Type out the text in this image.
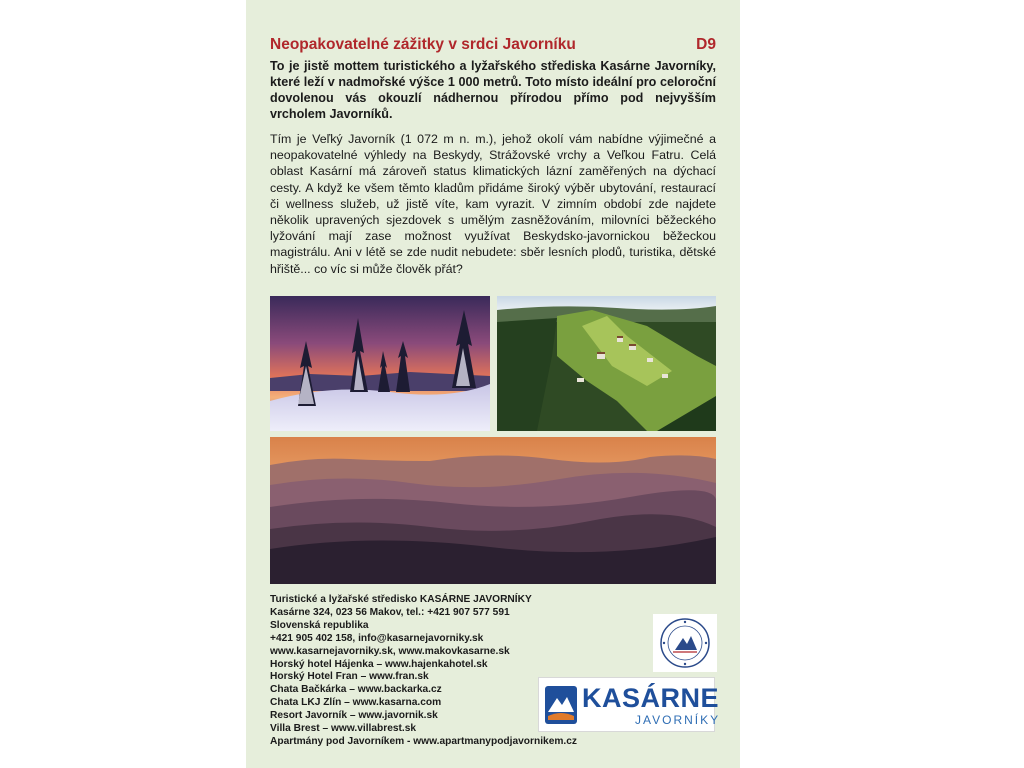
Neopakovatelné zážitky v srdci Javorníku	D9
To je jistě mottem turistického a lyžařského střediska Kasárne Javorníky, které leží v nadmořské výšce 1 000 metrů. Toto místo ideální pro celoroční dovolenou vás okouzlí nádhernou přírodou přímo pod nejvyšším vrcholem Javorníků.
Tím je Veľký Javorník (1 072 m n. m.), jehož okolí vám nabídne výjimečné a neopakovatelné výhledy na Beskydy, Strážovské vrchy a Veľkou Fatru. Celá oblast Kasární má zároveň status klimatických lázní zaměřených na dýchací cesty. A když ke všem těmto kladům přidáme široký výběr ubytování, restaurací či wellness služeb, už jistě víte, kam vyrazit. V zimním období zde najdete několik upravených sjezdovek s umělým zasněžováním, milovníci běžeckého lyžování mají zase možnost využívat Beskydsko-javornickou běžeckou magistrálu. Ani v létě se zde nudit nebudete: sběr lesních plodů, turistika, dětské hřiště... co víc si může člověk přát?
Turistické a lyžařské středisko KASÁRNE JAVORNÍKY
Kasárne 324, 023 56 Makov, tel.: +421 907 577 591
Slovenská republika
+421 905 402 158, info@kasarnejavorniky.sk
www.kasarnejavorniky.sk, www.makovkasarne.sk
Horský hotel Hájenka – www.hajenkahotel.sk
Horský Hotel Fran – www.fran.sk
Chata Bačkárka – www.backarka.cz
Chata LKJ Zlín – www.kasarna.com
Resort Javorník – www.javornik.sk
Villa Brest – www.villabrest.sk
Apartmány pod Javorníkem - www.apartmanypodjavornikem.cz
KASÁRNE
JAVORNÍKY
